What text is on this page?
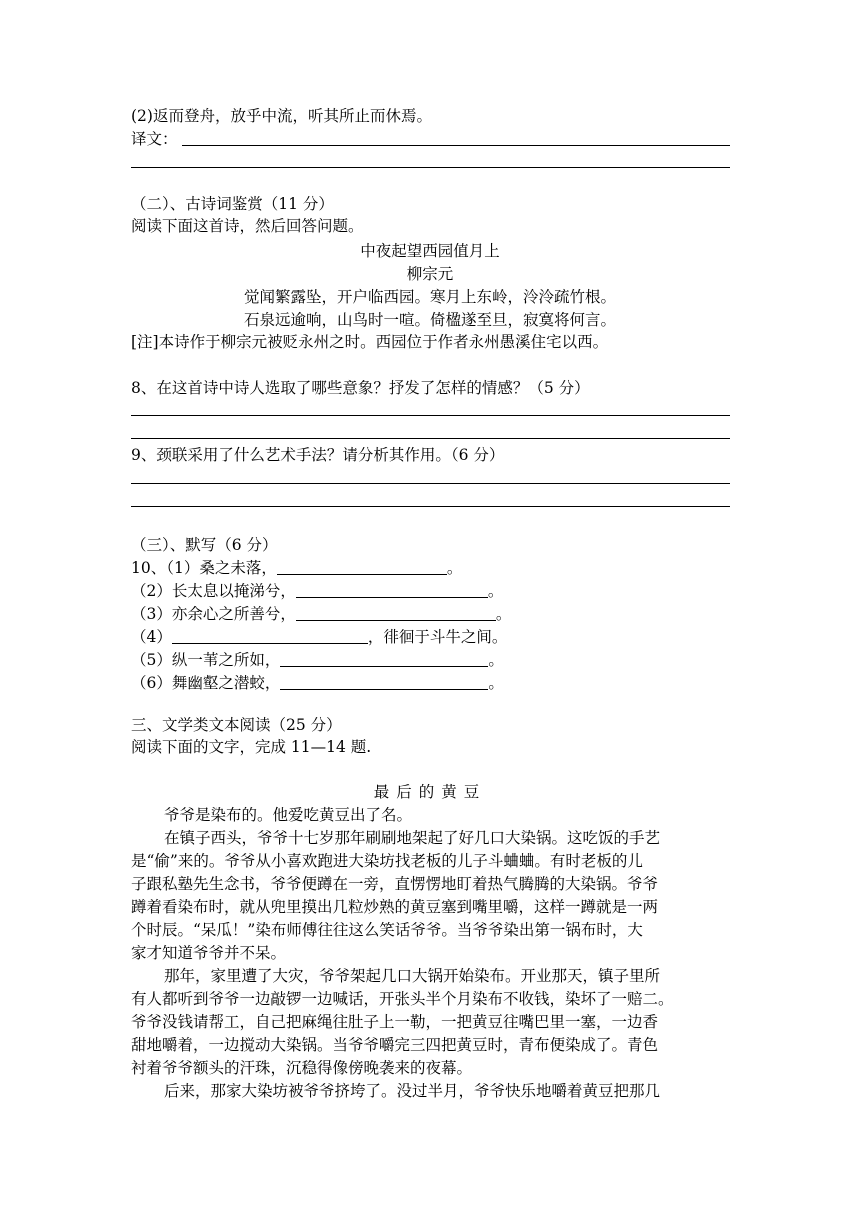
(2)返而登舟，放乎中流，听其所止而休焉。
译文：
（二）、古诗词鉴赏（11 分）
阅读下面这首诗，然后回答问题。
中夜起望西园值月上
柳宗元
觉闻繁露坠，开户临西园。寒月上东岭，泠泠疏竹根。
石泉远逾响，山鸟时一喧。倚楹遂至旦，寂寞将何言。
[注]本诗作于柳宗元被贬永州之时。西园位于作者永州愚溪住宅以西。
8、在这首诗中诗人选取了哪些意象？抒发了怎样的情感？（5 分）
9、颈联采用了什么艺术手法？请分析其作用。（6 分）
（三）、默写（6 分）
10、（1）桑之未落，	。
（2）长太息以掩涕兮，	。
（3）亦余心之所善兮，	。
（4）	，徘徊于斗牛之间。
（5）纵一苇之所如，	。
（6）舞幽壑之潜蛟，	。
三、文学类文本阅读（25 分）
阅读下面的文字，完成 11—14 题.
最后的黄豆
爷爷是染布的。他爱吃黄豆出了名。
在镇子西头，爷爷十七岁那年刷刷地架起了好几口大染锅。这吃饭的手艺
是“偷”来的。爷爷从小喜欢跑进大染坊找老板的儿子斗蛐蛐。有时老板的儿
子跟私塾先生念书，爷爷便蹲在一旁，直愣愣地盯着热气腾腾的大染锅。爷爷
蹲着看染布时，就从兜里摸出几粒炒熟的黄豆塞到嘴里嚼，这样一蹲就是一两
个时辰。“呆瓜！”染布师傅往往这么笑话爷爷。当爷爷染出第一锅布时，大
家才知道爷爷并不呆。
那年，家里遭了大灾，爷爷架起几口大锅开始染布。开业那天，镇子里所
有人都听到爷爷一边敲锣一边喊话，开张头半个月染布不收钱，染坏了一赔二。
爷爷没钱请帮工，自己把麻绳往肚子上一勒，一把黄豆往嘴巴里一塞，一边香
甜地嚼着，一边搅动大染锅。当爷爷嚼完三四把黄豆时，青布便染成了。青色
衬着爷爷额头的汗珠，沉稳得像傍晚袭来的夜幕。
后来，那家大染坊被爷爷挤垮了。没过半月，爷爷快乐地嚼着黄豆把那几
